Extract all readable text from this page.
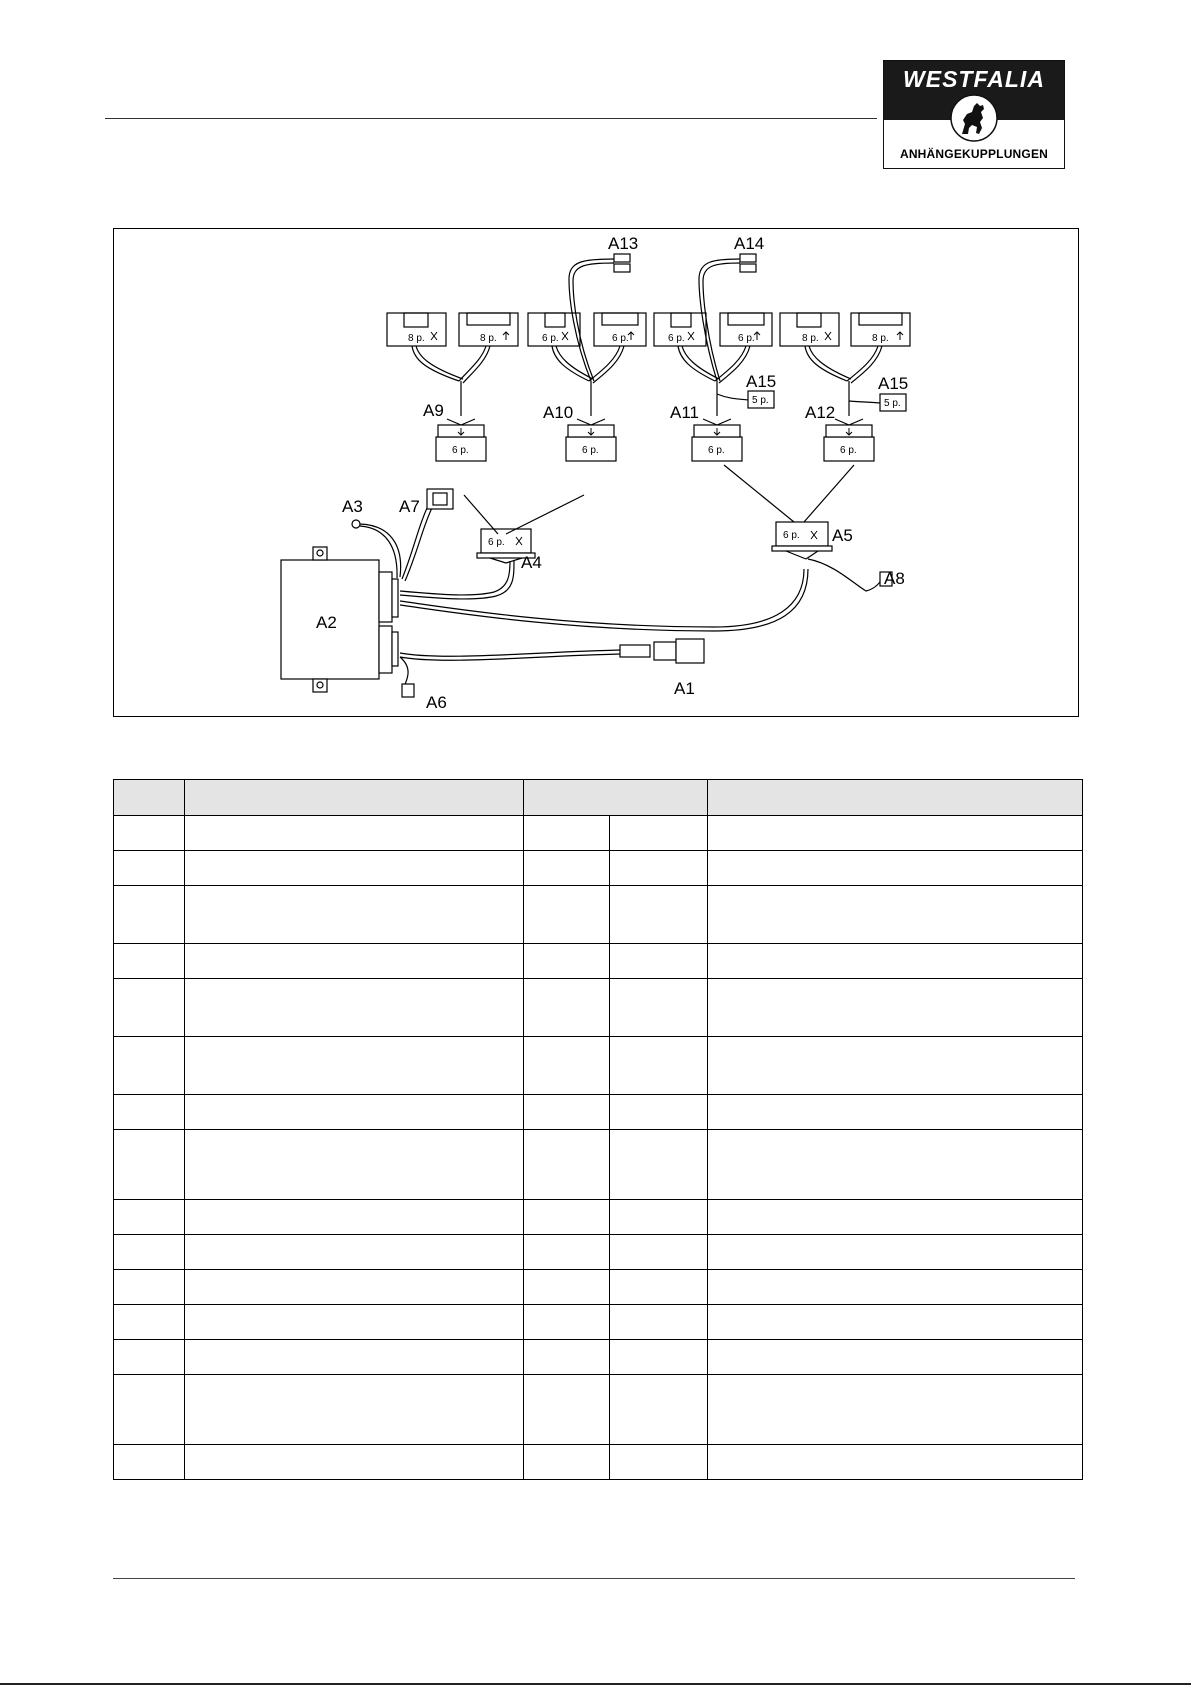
WESTFALIA
ANHÄNGEKUPPLUNGEN
A13	A14
A15	A15
A9	A10	A11	A12
A3 A7
A5
A4
A8
A2
A1
A6
8 p.	8 p.	6 p.	6 p.	6 p.	6 p.	8 p.	8 p.
6 p.	6 p.	6 p.	6 p.
6 p.
6 p.
5 p.	5 p.
